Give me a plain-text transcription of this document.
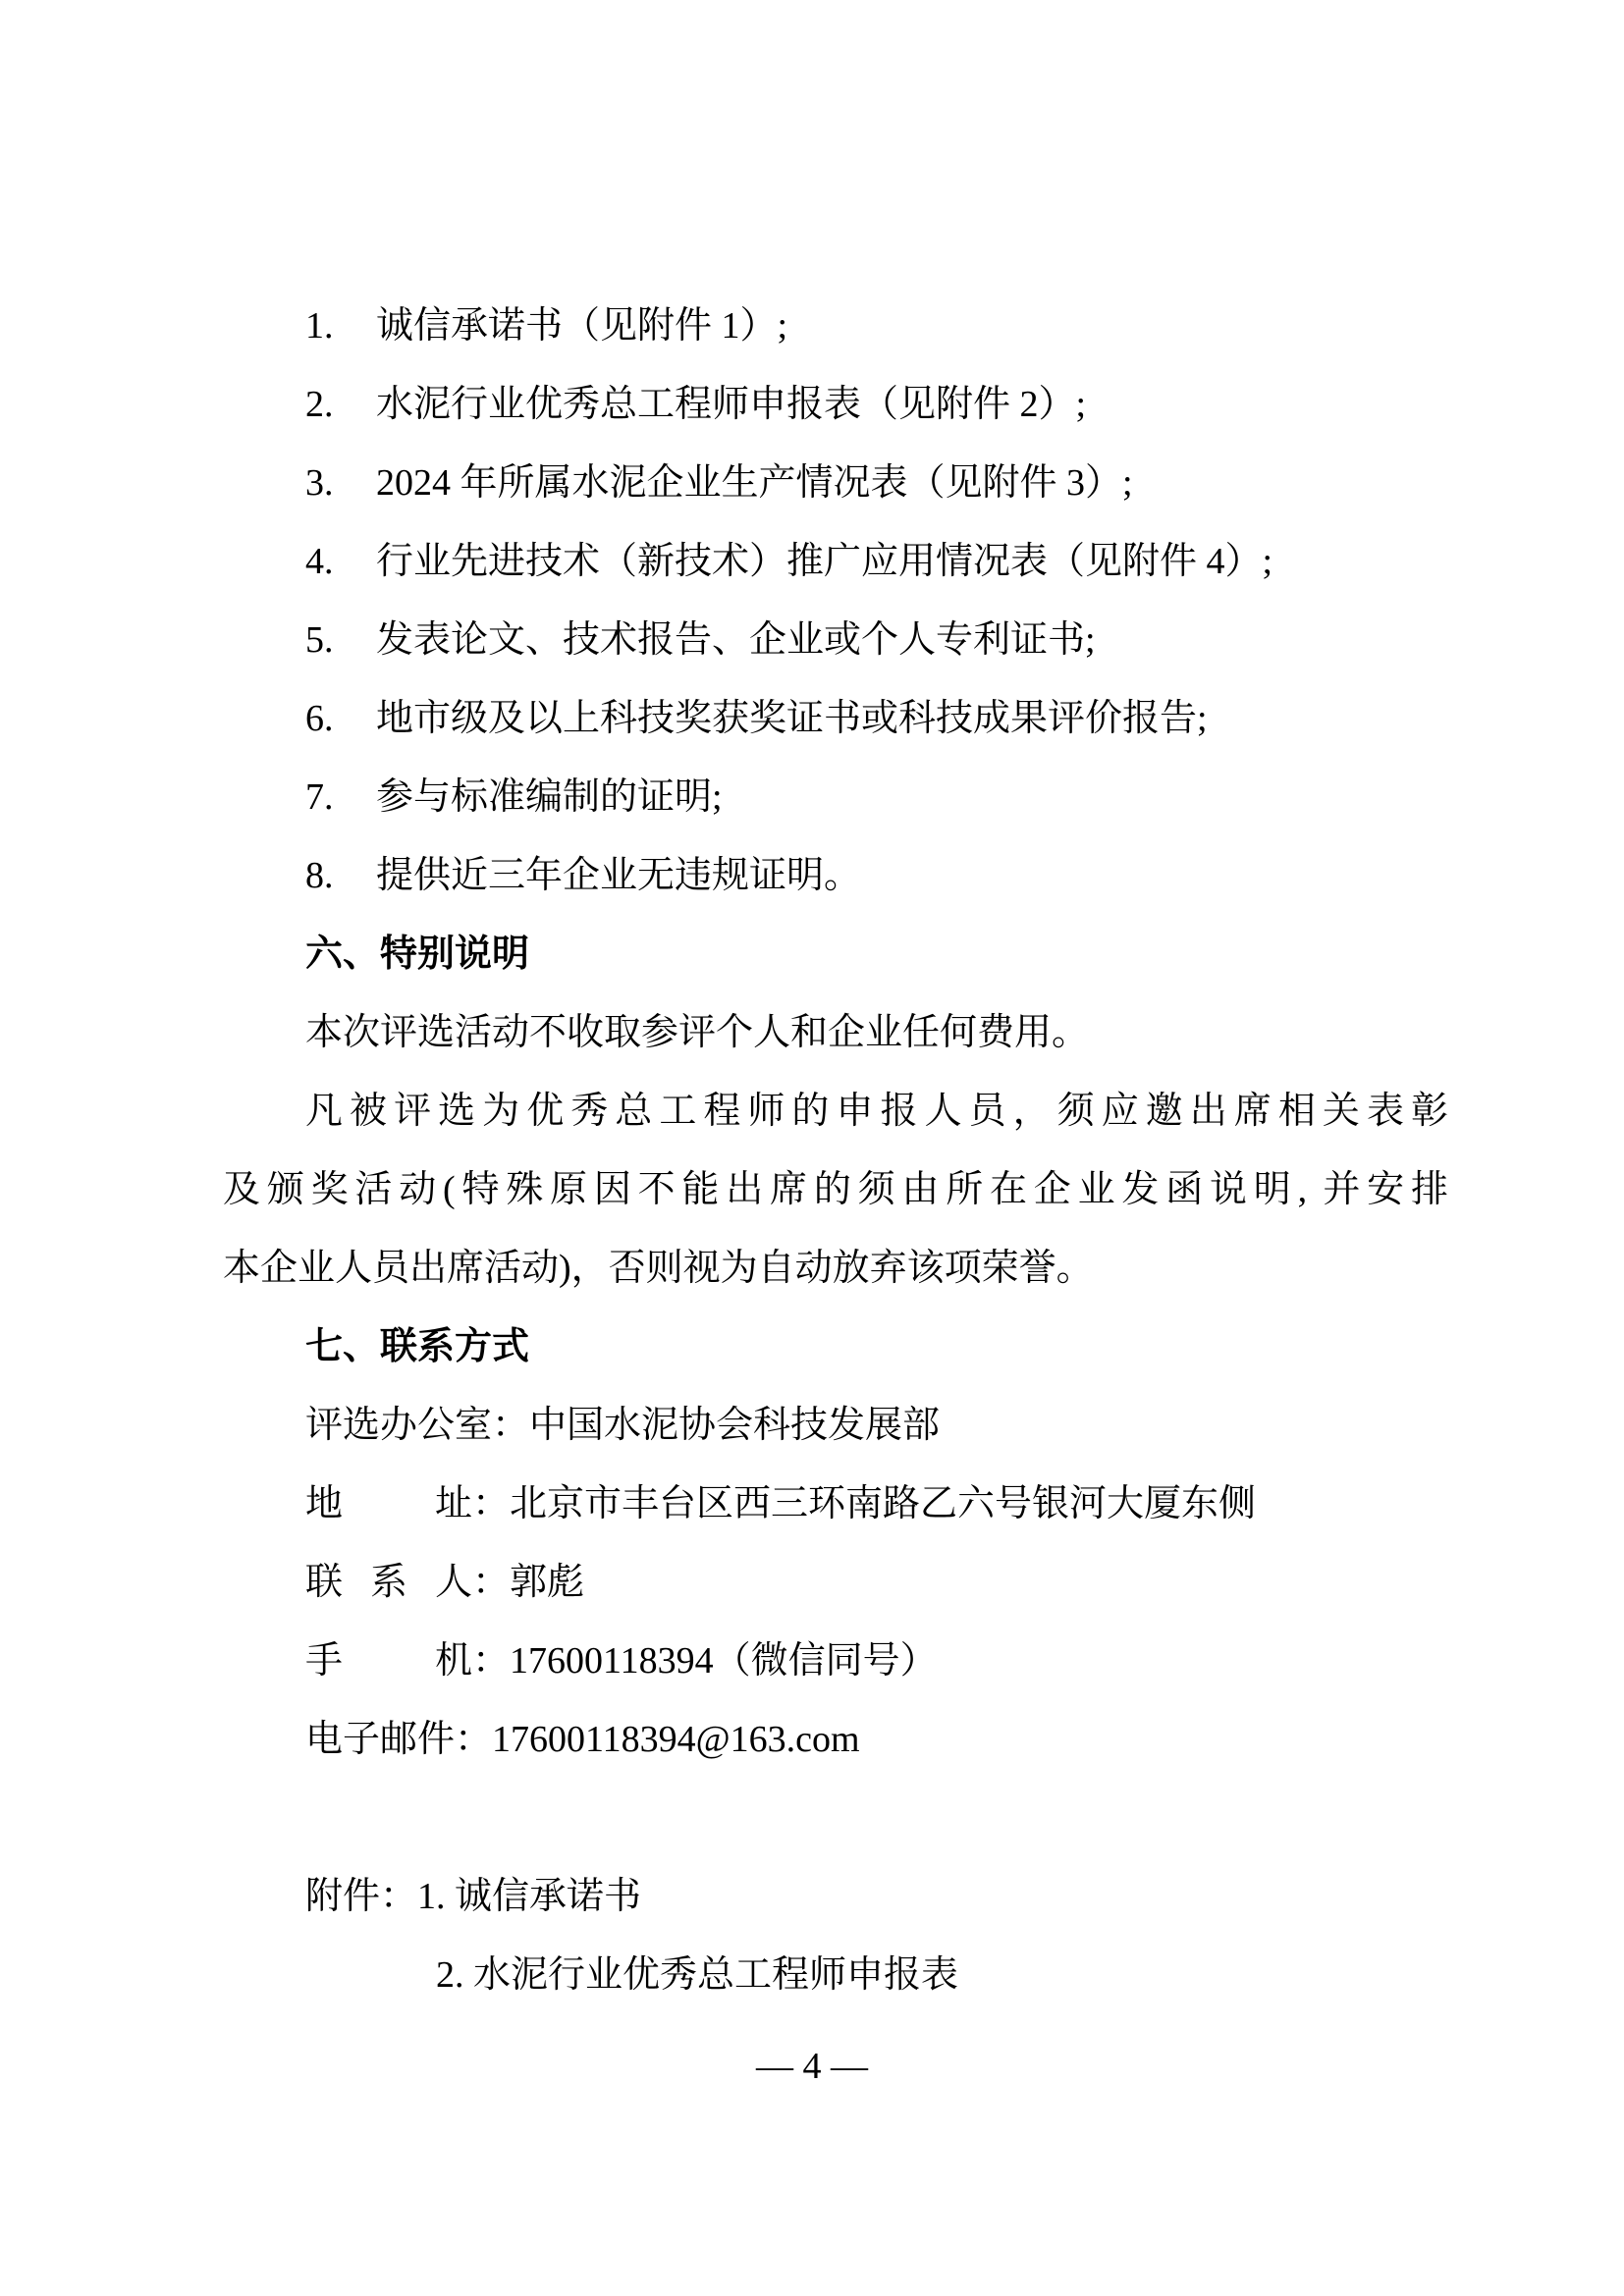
1. 诚信承诺书（见附件 1）;
2. 水泥行业优秀总工程师申报表（见附件 2）;
3. 2024 年所属水泥企业生产情况表（见附件 3）;
4. 行业先进技术（新技术）推广应用情况表（见附件 4）;
5. 发表论文、技术报告、企业或个人专利证书;
6. 地市级及以上科技奖获奖证书或科技成果评价报告;
7. 参与标准编制的证明;
8. 提供近三年企业无违规证明。
六、特别说明
本次评选活动不收取参评个人和企业任何费用。
凡被评选为优秀总工程师的申报人员，须应邀出席相关表彰
及颁奖活动(特殊原因不能出席的须由所在企业发函说明, 并安排
本企业人员出席活动)，否则视为自动放弃该项荣誉。
七、联系方式
评选办公室：中国水泥协会科技发展部
地址：北京市丰台区西三环南路乙六号银河大厦东侧
联系人：郭彪
手机：17600118394（微信同号）
电子邮件：17600118394@163.com
附件：1. 诚信承诺书
2. 水泥行业优秀总工程师申报表
— 4 —
